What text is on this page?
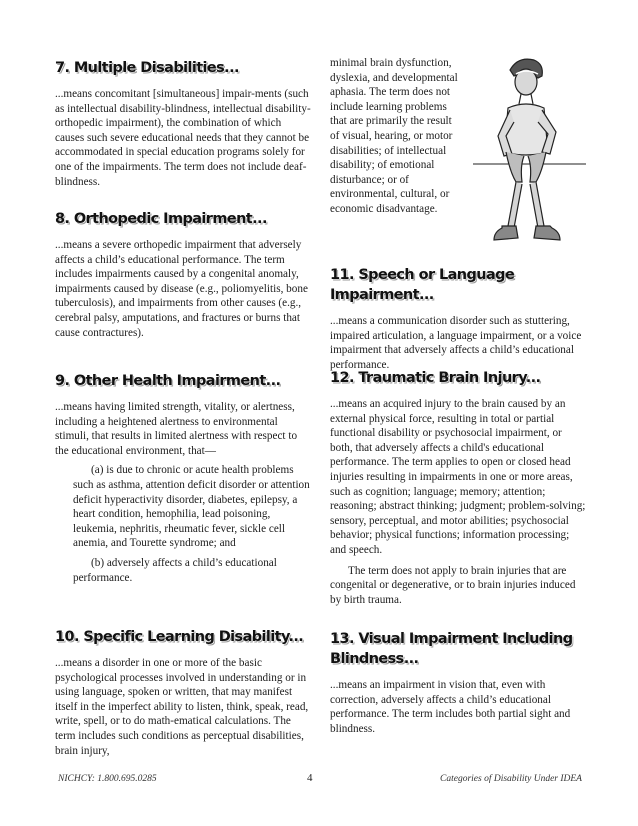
7. Multiple Disabilities...

...means concomitant [simultaneous] impair-ments (such as intellectual disability-blindness, intellectual disability-orthopedic impairment), the combination of which causes such severe educational needs that they cannot be accommodated in special education programs solely for one of the impairments. The term does not include deaf-blindness.

8. Orthopedic Impairment...

...means a severe orthopedic impairment that adversely affects a child’s educational performance. The term includes impairments caused by a congenital anomaly, impairments caused by disease (e.g., poliomyelitis, bone tuberculosis), and impairments from other causes (e.g., cerebral palsy, amputations, and fractures or burns that cause contractures).

9. Other Health Impairment...

...means having limited strength, vitality, or alertness, including a heightened alertness to environmental stimuli, that results in limited alertness with respect to the educational environment, that—

(a) is due to chronic or acute health problems such as asthma, attention deficit disorder or attention deficit hyperactivity disorder, diabetes, epilepsy, a heart condition, hemophilia, lead poisoning, leukemia, nephritis, rheumatic fever, sickle cell anemia, and Tourette syndrome; and

(b) adversely affects a child’s educational performance.

10. Specific Learning Disability...

...means a disorder in one or more of the basic psychological processes involved in understanding or in using language, spoken or written, that may manifest itself in the imperfect ability to listen, think, speak, read, write, spell, or to do math-ematical calculations. The term includes such conditions as perceptual disabilities, brain injury,

minimal brain dysfunction, dyslexia, and developmental aphasia. The term does not include learning problems that are primarily the result of visual, hearing, or motor disabilities; of intellectual disability; of emotional disturbance; or of environmental, cultural, or economic disadvantage.

11. Speech or Language Impairment...

...means a communication disorder such as stuttering, impaired articulation, a language impairment, or a voice impairment that adversely affects a child’s educational performance.

12. Traumatic Brain Injury...

...means an acquired injury to the brain caused by an external physical force, resulting in total or partial functional disability or psychosocial impairment, or both, that adversely affects a child's educational performance. The term applies to open or closed head injuries resulting in impairments in one or more areas, such as cognition; language; memory; attention; reasoning; abstract thinking; judgment; problem-solving; sensory, perceptual, and motor abilities; psychosocial behavior; physical functions; information processing; and speech.

The term does not apply to brain injuries that are congenital or degenerative, or to brain injuries induced by birth trauma.

13. Visual Impairment Including
Blindness...

...means an impairment in vision that, even with correction, adversely affects a child’s educational performance. The term includes both partial sight and blindness.

NICHCY: 1.800.695.0285	4	Categories of Disability Under IDEA
